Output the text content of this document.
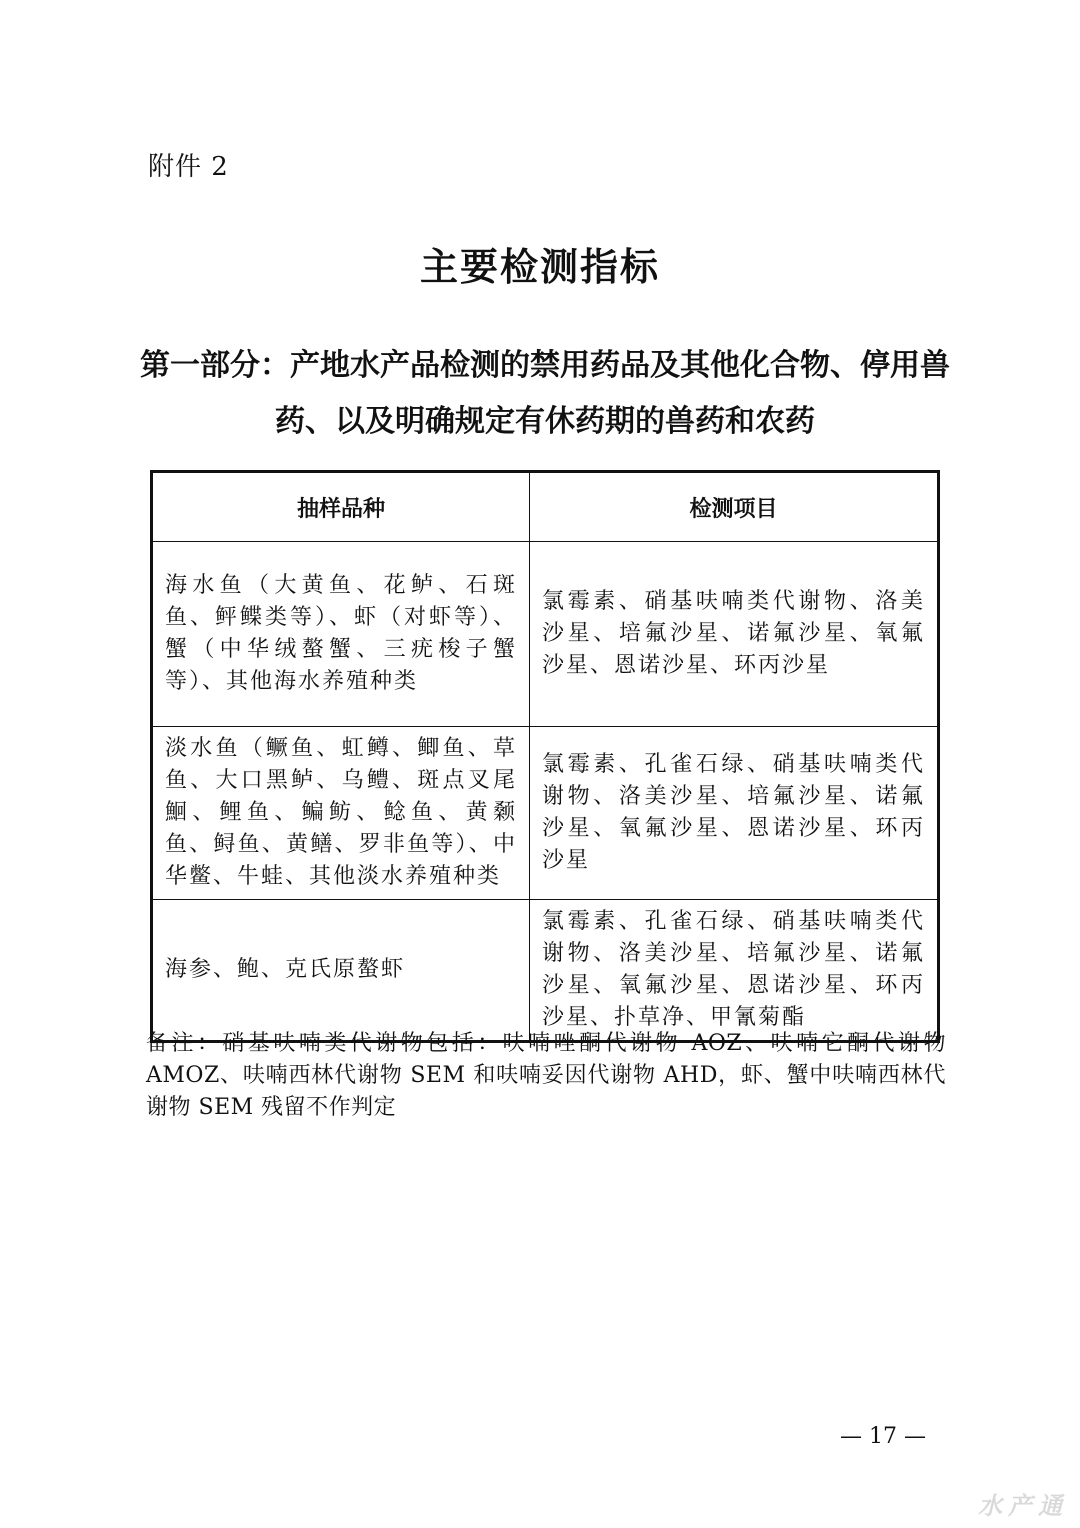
附件 2
主要检测指标
第一部分：产地水产品检测的禁用药品及其他化合物、停用兽药、以及明确规定有休药期的兽药和农药
抽样品种	检测项目
海水鱼（大黄鱼、花鲈、石斑鱼、鲆鲽类等）、虾（对虾等）、蟹（中华绒螯蟹、三疣梭子蟹等）、其他海水养殖种类	氯霉素、硝基呋喃类代谢物、洛美沙星、培氟沙星、诺氟沙星、氧氟沙星、恩诺沙星、环丙沙星
淡水鱼（鳜鱼、虹鳟、鲫鱼、草鱼、大口黑鲈、乌鳢、斑点叉尾鮰、鲤鱼、鳊鲂、鲶鱼、黄颡鱼、鲟鱼、黄鳝、罗非鱼等）、中华鳖、牛蛙、其他淡水养殖种类	氯霉素、孔雀石绿、硝基呋喃类代谢物、洛美沙星、培氟沙星、诺氟沙星、氧氟沙星、恩诺沙星、环丙沙星
海参、鲍、克氏原螯虾	氯霉素、孔雀石绿、硝基呋喃类代谢物、洛美沙星、培氟沙星、诺氟沙星、氧氟沙星、恩诺沙星、环丙沙星、扑草净、甲氰菊酯
备注：硝基呋喃类代谢物包括：呋喃唑酮代谢物 AOZ、呋喃它酮代谢物 AMOZ、呋喃西林代谢物 SEM 和呋喃妥因代谢物 AHD，虾、蟹中呋喃西林代谢物 SEM 残留不作判定
— 17 —
水产通
